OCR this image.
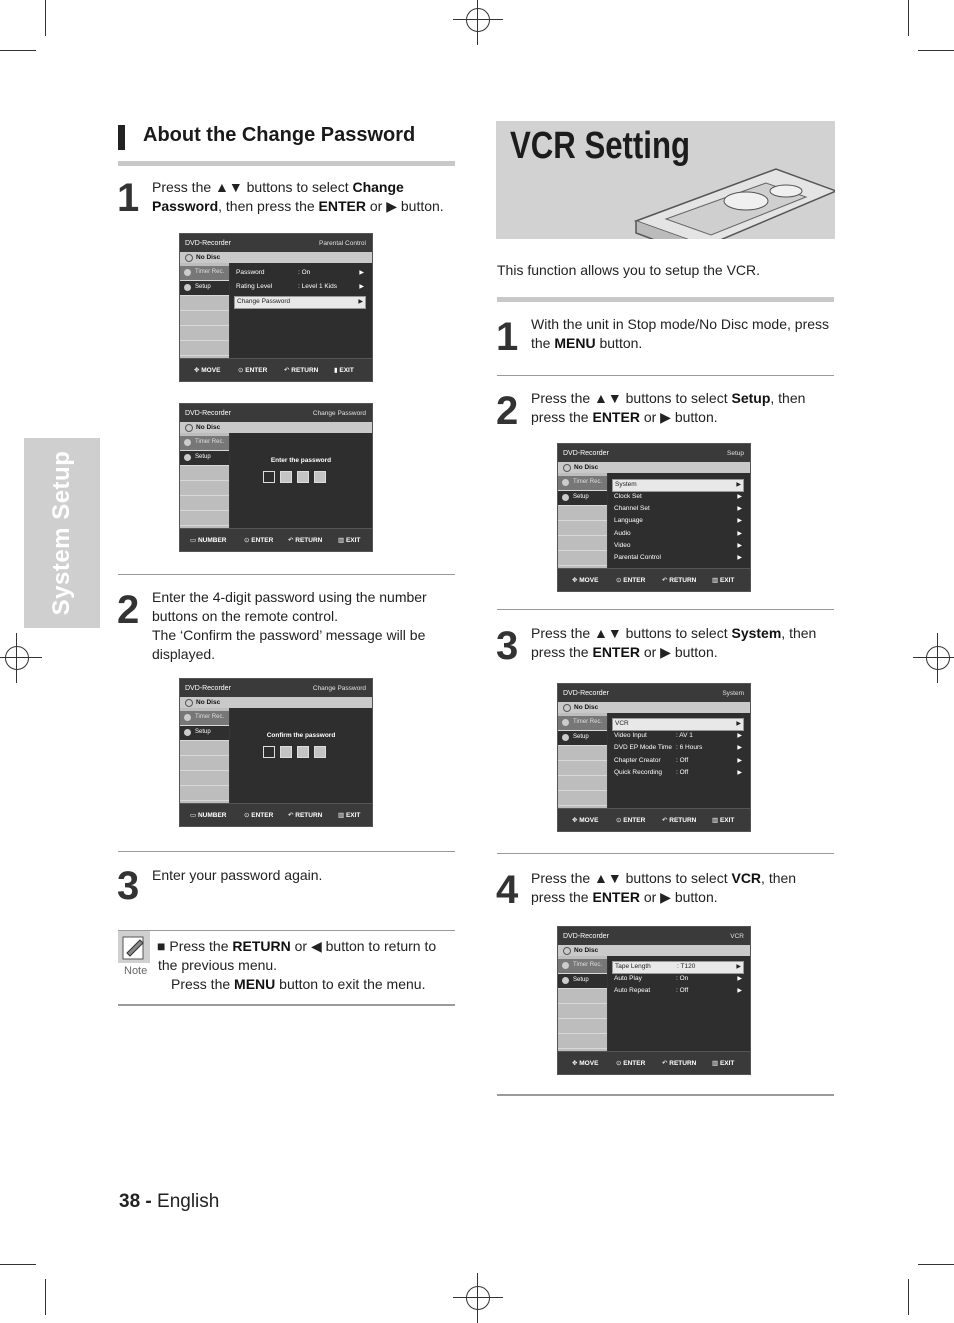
System Setup
About the Change Password
1 Press the ▲▼ buttons to select Change Password, then press the ENTER or ▶ button.
DVD-Recorder	Parental Control
No Disc
Timer Rec.
Setup
Password	: On	▶
Rating Level	: Level 1 Kids	▶
Change Password	▶
✥ MOVE	⊙ ENTER	↶ RETURN ▮ EXIT
DVD-Recorder	Change Password
No Disc
Timer Rec.
Setup	Enter the password
▭ NUMBER	⊙ ENTER ↶ RETURN ▥ EXIT
2 Enter the 4-digit password using the number buttons on the remote control.
The ‘Confirm the password’ message will be displayed.
DVD-Recorder	Change Password
No Disc
Timer Rec.
Setup	Confirm the password
▭ NUMBER	⊙ ENTER ↶ RETURN ▥ EXIT
3 Enter your password again.
Note
■ Press the RETURN or ◀ button to return to the previous menu.
Press the MENU button to exit the menu.
VCR Setting
This function allows you to setup the VCR.
1 With the unit in Stop mode/No Disc mode, press the MENU button.
2 Press the ▲▼ buttons to select Setup, then press the ENTER or ▶ button.
DVD-Recorder	Setup
No Disc
Timer Rec.
Setup
System	▶
Clock Set	▶
Channel Set	▶
Language	▶
Audio	▶
Video	▶
Parental Control	▶
✥ MOVE	⊙ ENTER	↶ RETURN ▥ EXIT
3 Press the ▲▼ buttons to select System, then press the ENTER or ▶ button.
DVD-Recorder	System
No Disc
Timer Rec.
Setup
VCR	▶
Video Input	: AV 1	▶
DVD EP Mode Time : 6 Hours	▶
Chapter Creator : Off	▶
Quick Recording : Off	▶
✥ MOVE	⊙ ENTER	↶ RETURN ▥ EXIT
4 Press the ▲▼ buttons to select VCR, then press the ENTER or ▶ button.
DVD-Recorder	VCR
No Disc
Timer Rec.
Setup
Tape Length	: T120	▶
Auto Play	: On	▶
Auto Repeat	: Off	▶
✥ MOVE	⊙ ENTER	↶ RETURN ▥ EXIT
38 - English
